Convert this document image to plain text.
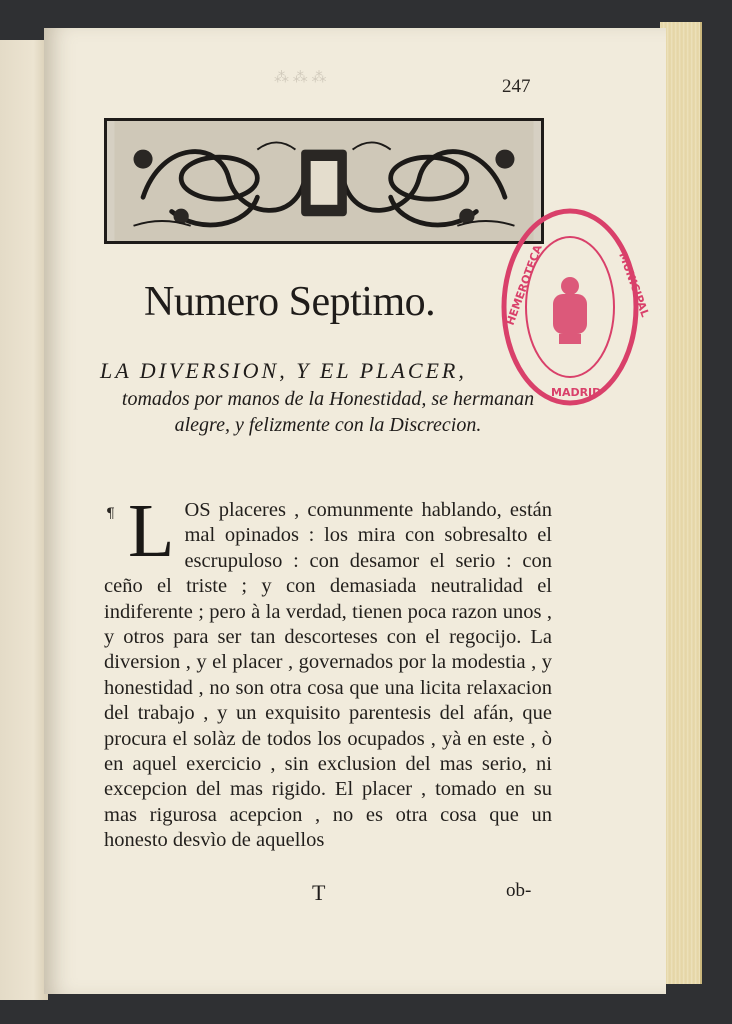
⁂ ⁂ ⁂	247
HEMEROTECA	MUNICIPAL
MADRID
Numero Septimo.
LA DIVERSION, Y EL PLACER,
tomados por manos de la Honestidad, se hermanan alegre, y felizmente con la Discrecion.
¶ L OS placeres , comunmente hablando, están mal opinados : los mira con sobresalto el escrupuloso : con desamor el serio : con ceño el triste ; y con demasiada neutralidad el indiferente ; pero à la verdad, tienen poca razon unos , y otros para ser tan descorteses con el regocijo. La diversion , y el placer , governados por la modestia , y honestidad , no son otra cosa que una licita relaxacion del trabajo , y un exquisito parentesis del afán, que procura el solàz de todos los ocupados , yà en este , ò en aquel exercicio , sin exclusion del mas serio, ni excepcion del mas rigido. El placer , tomado en su mas rigurosa acepcion , no es otra cosa que un honesto desvìo de aquellos
T	ob-
